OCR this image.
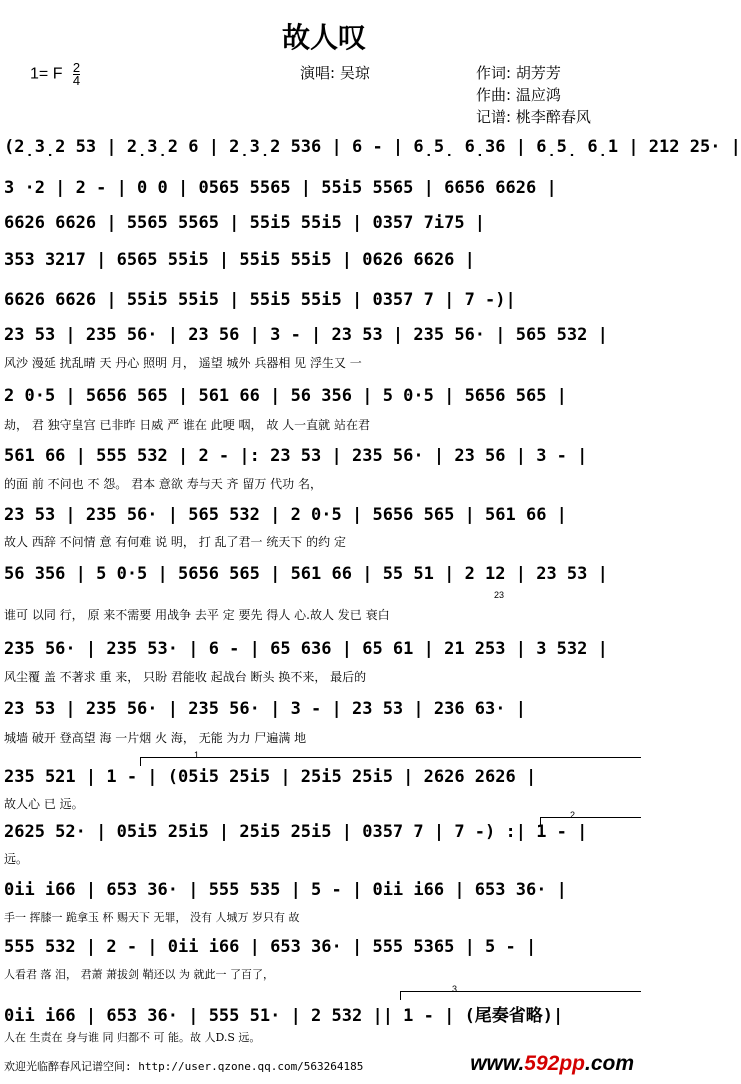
故人叹
1= F $\frac{2}{4}$	演唱: 吴琼	作词: 胡芳芳
作曲: 温应鸿
记谱: 桃李醉春风
(2̣3̣2 53 | 2̣3̣2 6 | 2̣3̣2 536 | 6 - | 6̣5̣ 6̣36 | 6̣5̣ 6̣1 | 212 25· |
3 ·2 | 2 - | 0 0 | 0565 5565 | 55i5 5565 | 6656 6626 |
6626 6626 | 5565 5565 | 55i5 55i5 | 0357 7i75 |
353 3217 | 6565 55i5 | 55i5 55i5 | 0626 6626 |
6626 6626 | 55i5 55i5 | 55i5 55i5 | 0357 7 | 7 -)|
23 53 | 235 56· | 23 56 | 3 - | 23 53 | 235 56· | 565 532 |
风沙 漫延 扰乱晴 天 丹心 照明 月， 遥望 城外 兵器相 见 浮生又 一
2 0·5 | 5656 565 | 561 66 | 56 356 | 5 0·5 | 5656 565 |
劫， 君 独守皇宫 已非昨 日威 严 谁在 此哽 咽， 故 人一直就 站在君
561 66 | 555 532 | 2 - |: 23 53 | 235 56· | 23 56 | 3 - |
的面 前 不问也 不 怨。 君本 意欲 寿与天 齐 留万 代功 名，
23 53 | 235 56· | 565 532 | 2 0·5 | 5656 565 | 561 66 |
故人 西辞 不问情 意 有何难 说 明， 打 乱了君一 统天下 的约 定
56 356 | 5 0·5 | 5656 565 | 561 66 | 55 51 | 2 12 | 23 53 |
23
谁可 以同 行， 原 来不需要 用战争 去平 定 要先 得人 心.故人 发已 衰白
235 56· | 235 53· | 6 - | 65 636 | 65 61 | 21 253 | 3 532 |
风尘覆 盖 不著求 重 来， 只盼 君能收 起战台 断头 换不来， 最后的
23 53 | 235 56· | 235 56· | 3 - | 23 53 | 236 63· |
城墙 破开 登高望 海 一片烟 火 海， 无能 为力 尸遍满 地
1
235 521 | 1 - | (05i5 25i5 | 25i5 25i5 | 2626 2626 |
故人心 已 远。
2
2625 52· | 05i5 25i5 | 25i5 25i5 | 0357 7 | 7 -) :| 1 - |
远。
0ii i66 | 653 36· | 555 535 | 5 - | 0ii i66 | 653 36· |
手一 挥膝一 跪拿玉 杯 赐天下 无罪， 没有 人城万 岁只有 故
555 532 | 2 - | 0ii i66 | 653 36· | 555 5365 | 5 - |
人看君 落 泪， 君萧 萧拔剑 鞘还以 为 就此一 了百了，
3
0ii i66 | 653 36· | 555 51· | 2 532 || 1 - | (尾奏省略)|
人在 生责在 身与谁 同 归都不 可 能。故 人D.S 远。
欢迎光临醉春风记谱空间: http://user.qzone.qq.com/563264185	www.592pp.com
